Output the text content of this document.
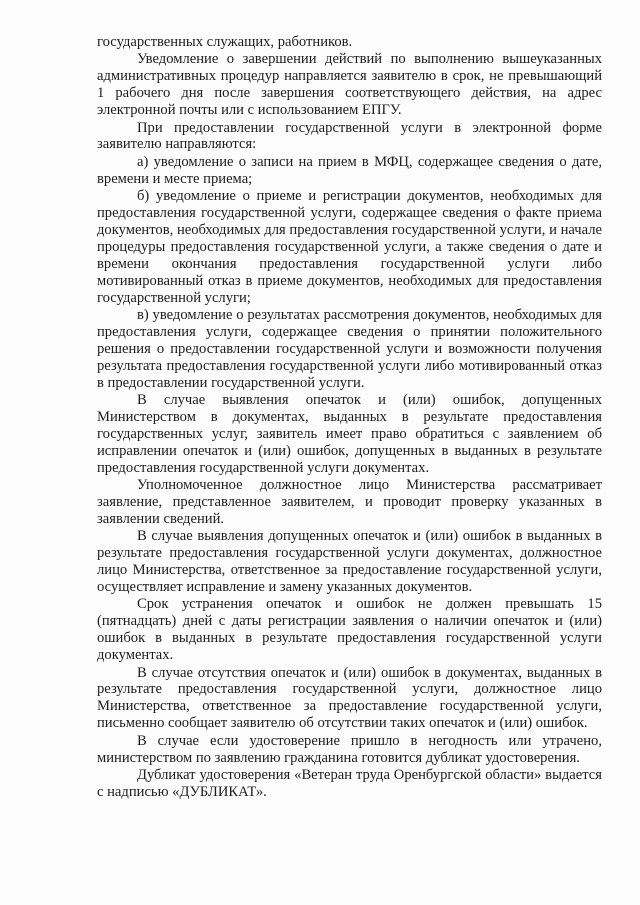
государственных служащих, работников.

Уведомление о завершении действий по выполнению вышеуказанных административных процедур направляется заявителю в срок, не превышающий 1 рабочего дня после завершения соответствующего действия, на адрес электронной почты или с использованием ЕПГУ.

При предоставлении государственной услуги в электронной форме заявителю направляются:

а) уведомление о записи на прием в МФЦ, содержащее сведения о дате, времени и месте приема;

б) уведомление о приеме и регистрации документов, необходимых для предоставления государственной услуги, содержащее сведения о факте приема документов, необходимых для предоставления государственной услуги, и начале процедуры предоставления государственной услуги, а также сведения о дате и времени окончания предоставления государственной услуги либо мотивированный отказ в приеме документов, необходимых для предоставления государственной услуги;

в) уведомление о результатах рассмотрения документов, необходимых для предоставления услуги, содержащее сведения о принятии положительного решения о предоставлении государственной услуги и возможности получения результата предоставления государственной услуги либо мотивированный отказ в предоставлении государственной услуги.

В случае выявления опечаток и (или) ошибок, допущенных Министерством в документах, выданных в результате предоставления государственных услуг, заявитель имеет право обратиться с заявлением об исправлении опечаток и (или) ошибок, допущенных в выданных в результате предоставления государственной услуги документах.

Уполномоченное должностное лицо Министерства рассматривает заявление, представленное заявителем, и проводит проверку указанных в заявлении сведений.

В случае выявления допущенных опечаток и (или) ошибок в выданных в результате предоставления государственной услуги документах, должностное лицо Министерства, ответственное за предоставление государственной услуги, осуществляет исправление и замену указанных документов.

Срок устранения опечаток и ошибок не должен превышать 15 (пятнадцать) дней с даты регистрации заявления о наличии опечаток и (или) ошибок в выданных в результате предоставления государственной услуги документах.

В случае отсутствия опечаток и (или) ошибок в документах, выданных в результате предоставления государственной услуги, должностное лицо Министерства, ответственное за предоставление государственной услуги, письменно сообщает заявителю об отсутствии таких опечаток и (или) ошибок.

В случае если удостоверение пришло в негодность или утрачено, министерством по заявлению гражданина готовится дубликат удостоверения.

Дубликат удостоверения «Ветеран труда Оренбургской области» выдается с надписью «ДУБЛИКАТ».
